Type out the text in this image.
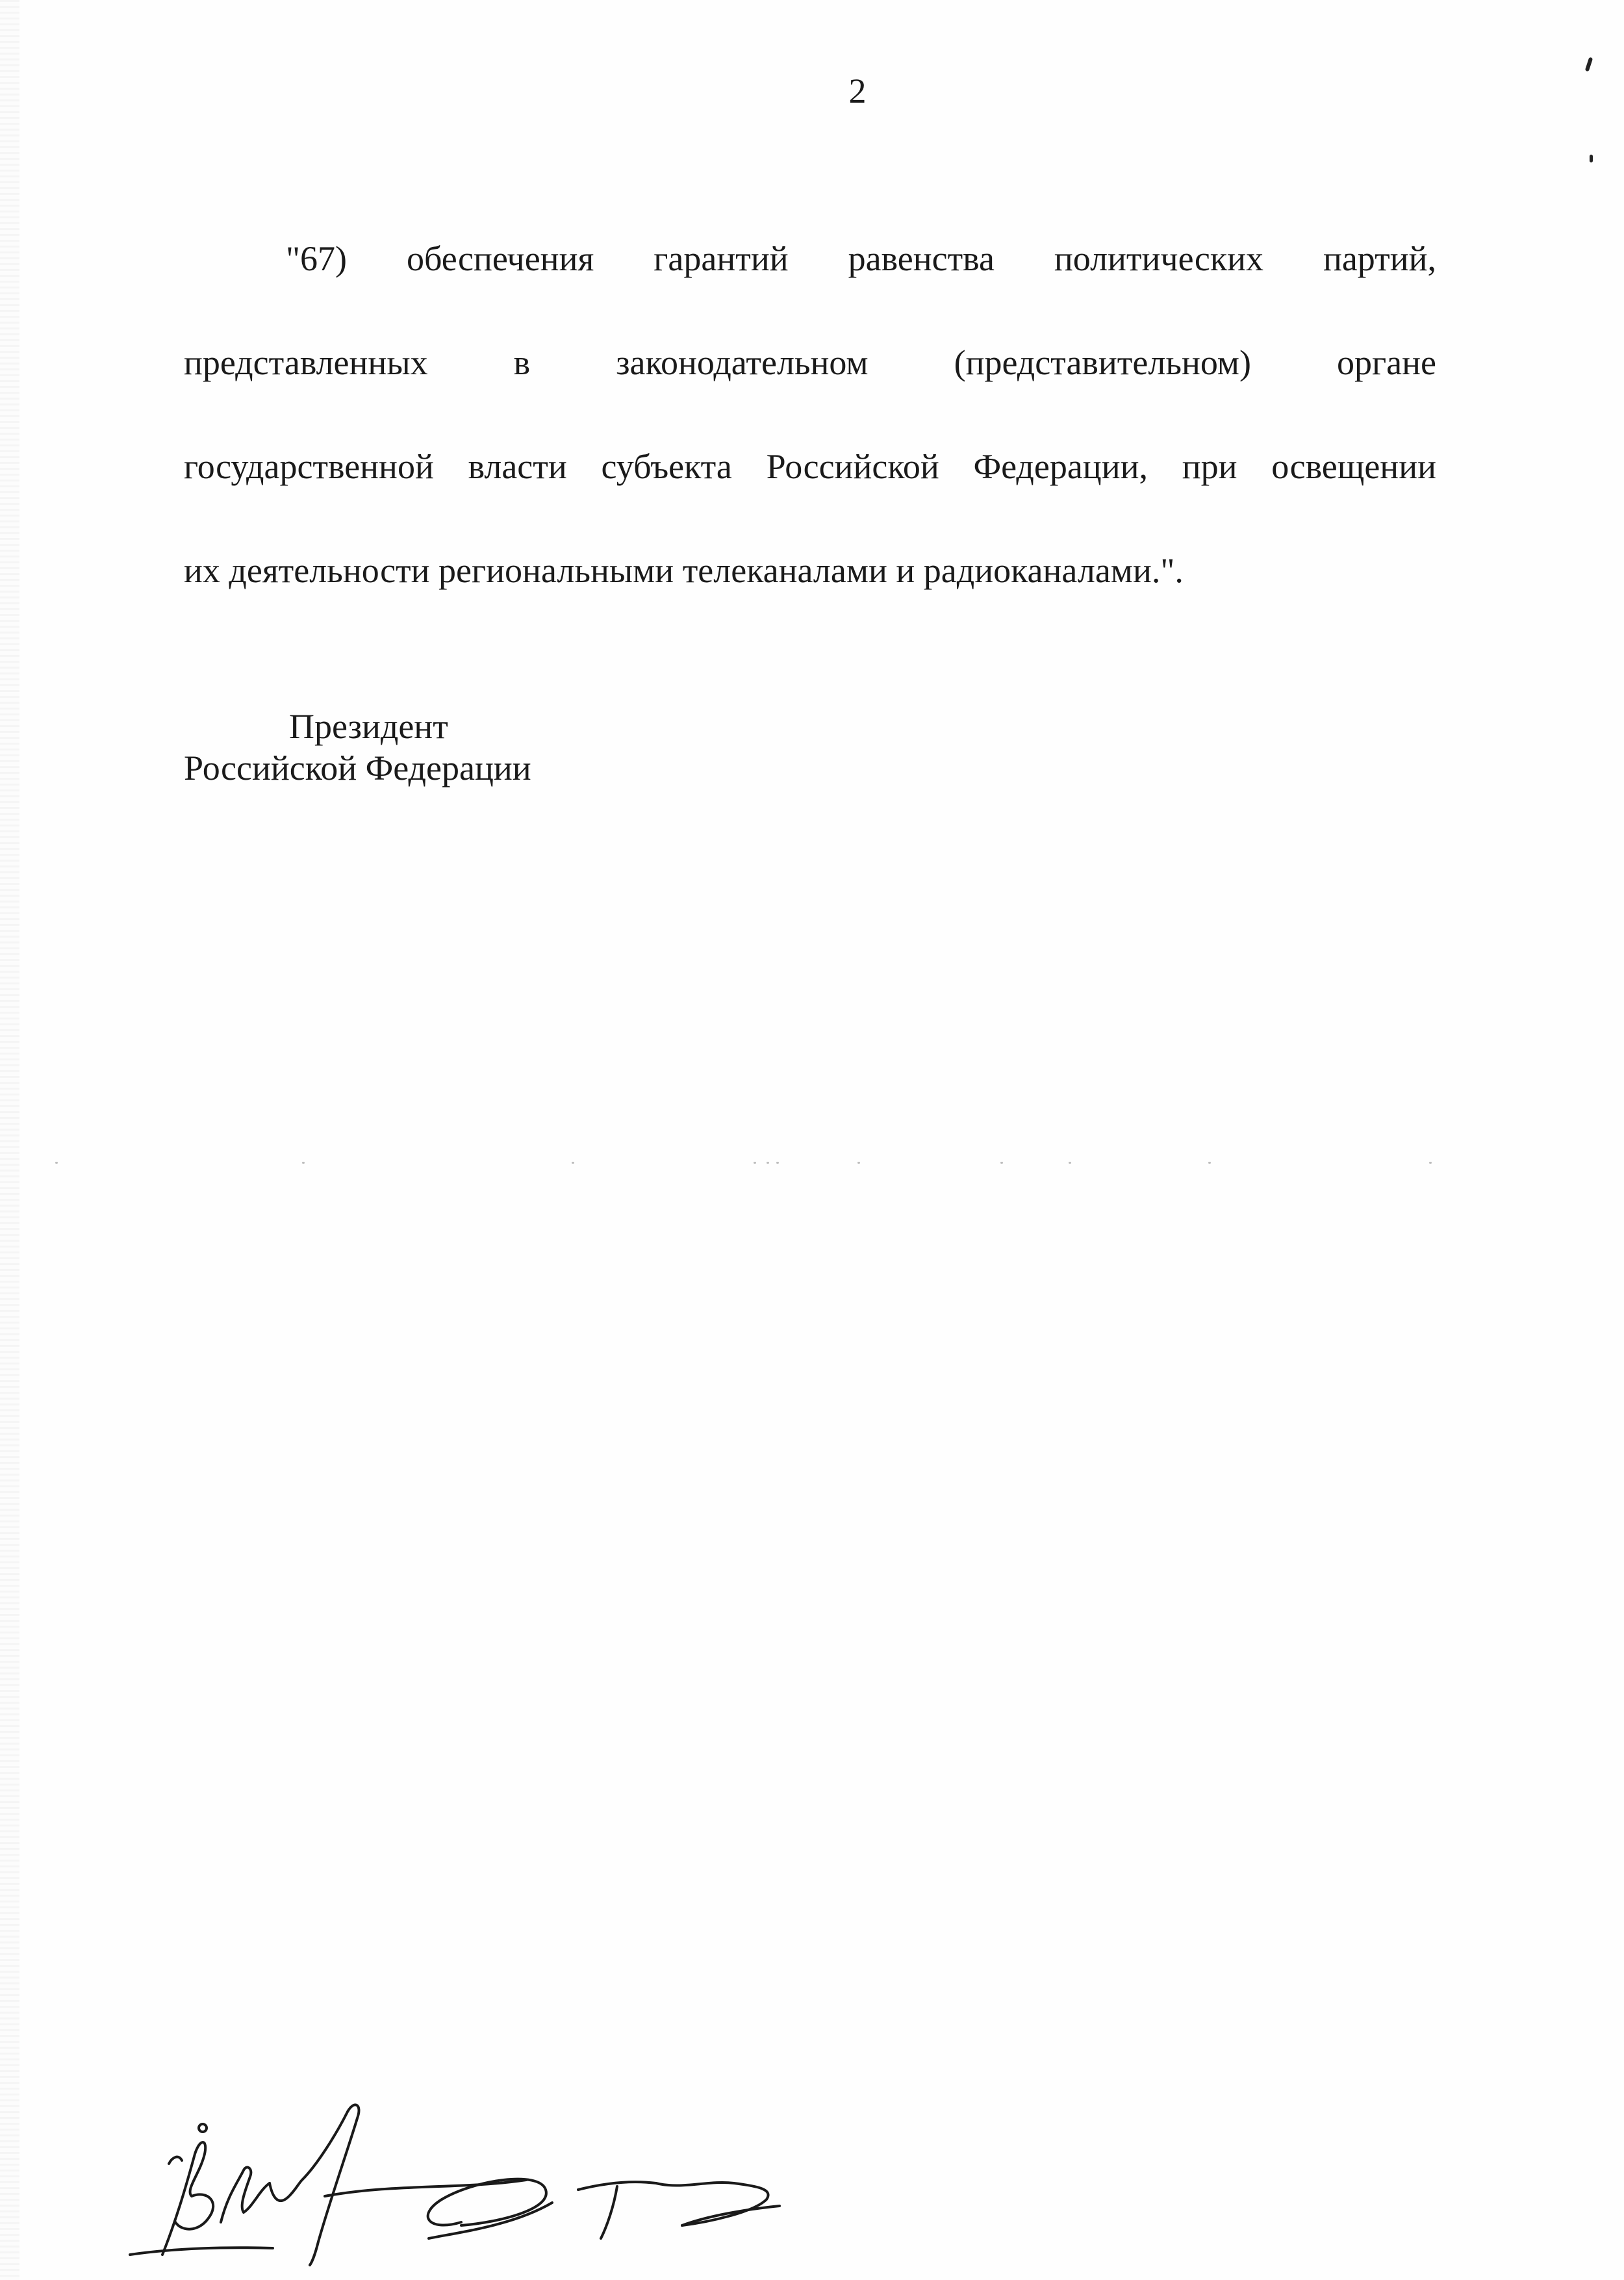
2
"67) обеспечения гарантий равенства политических партий,
представленных в законодательном (представительном) органе
государственной власти субъекта Российской Федерации, при освещении
их деятельности региональными телеканалами и радиоканалами.".
Президент
Российской Федерации
